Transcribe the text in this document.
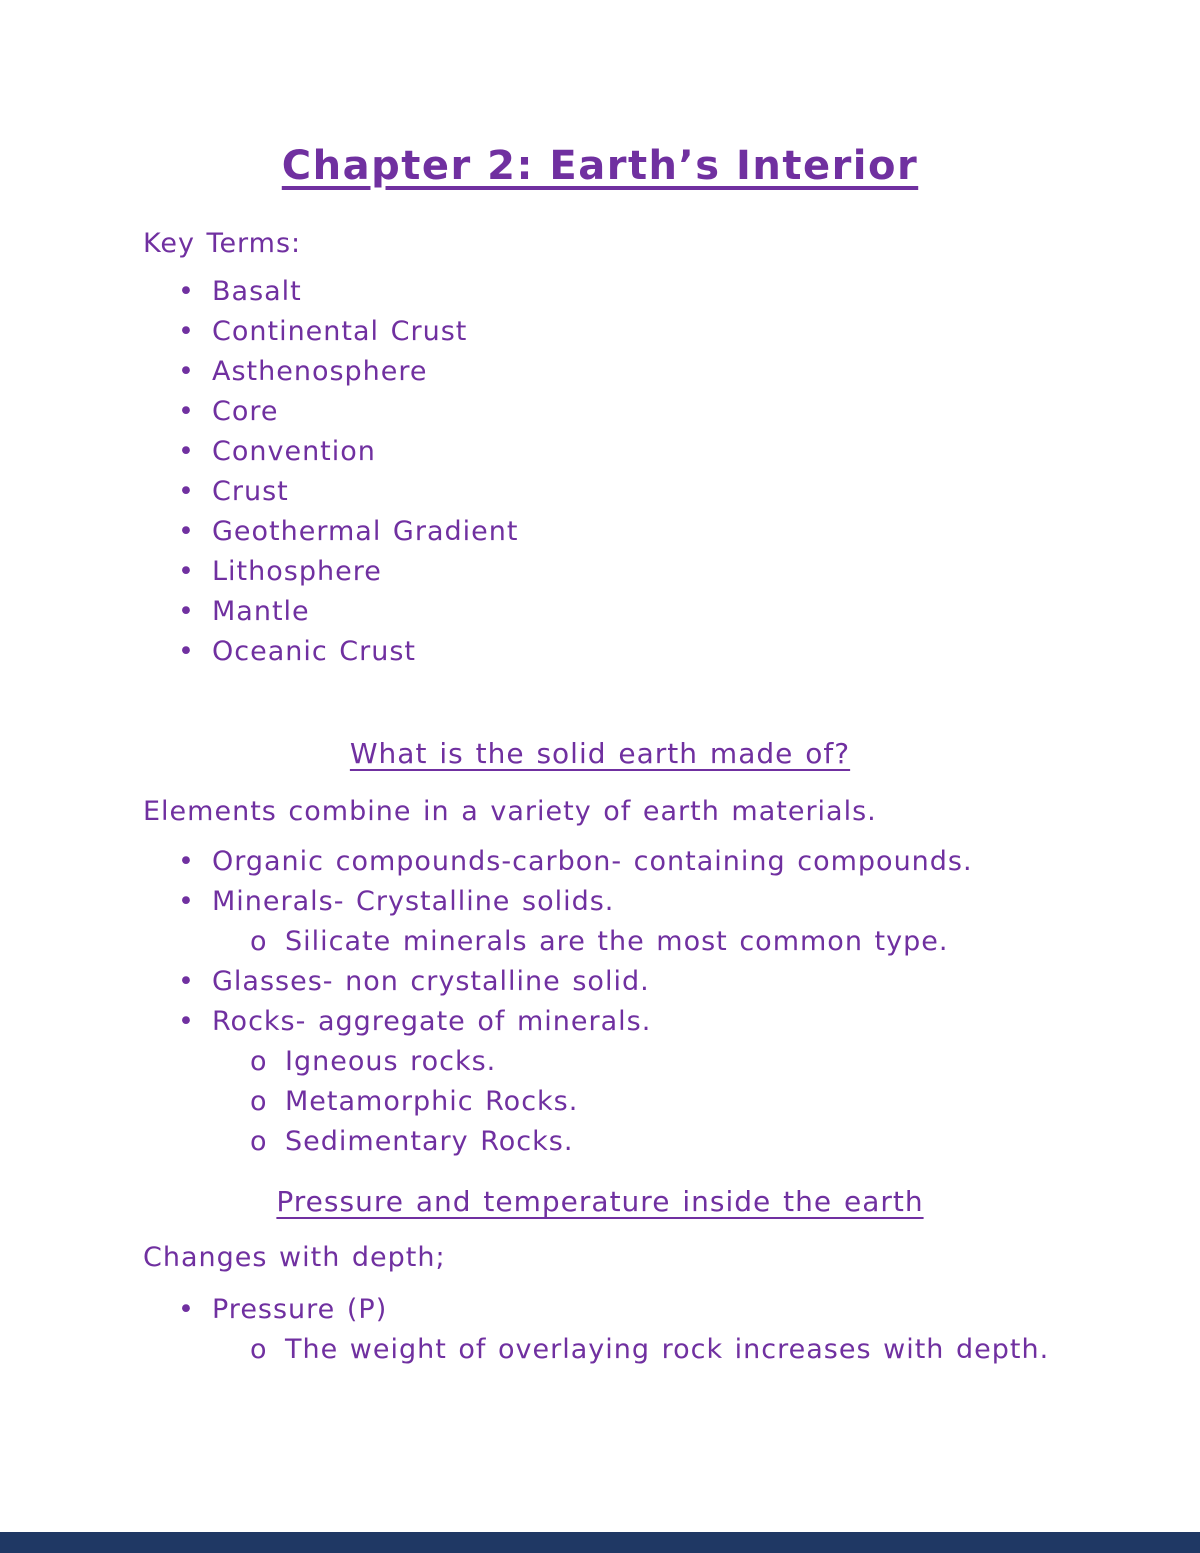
Chapter 2: Earth’s Interior

Key Terms:

• Basalt
• Continental Crust
• Asthenosphere
• Core
• Convention
• Crust
• Geothermal Gradient
• Lithosphere
• Mantle
• Oceanic Crust
What is the solid earth made of?

Elements combine in a variety of earth materials.

• Organic compounds-carbon- containing compounds.
• Minerals- Crystalline solids.
o Silicate minerals are the most common type.
• Glasses- non crystalline solid.
• Rocks- aggregate of minerals.
o Igneous rocks.
o Metamorphic Rocks.
o Sedimentary Rocks.
Pressure and temperature inside the earth

Changes with depth;

• Pressure (P)
o The weight of overlaying rock increases with depth.
